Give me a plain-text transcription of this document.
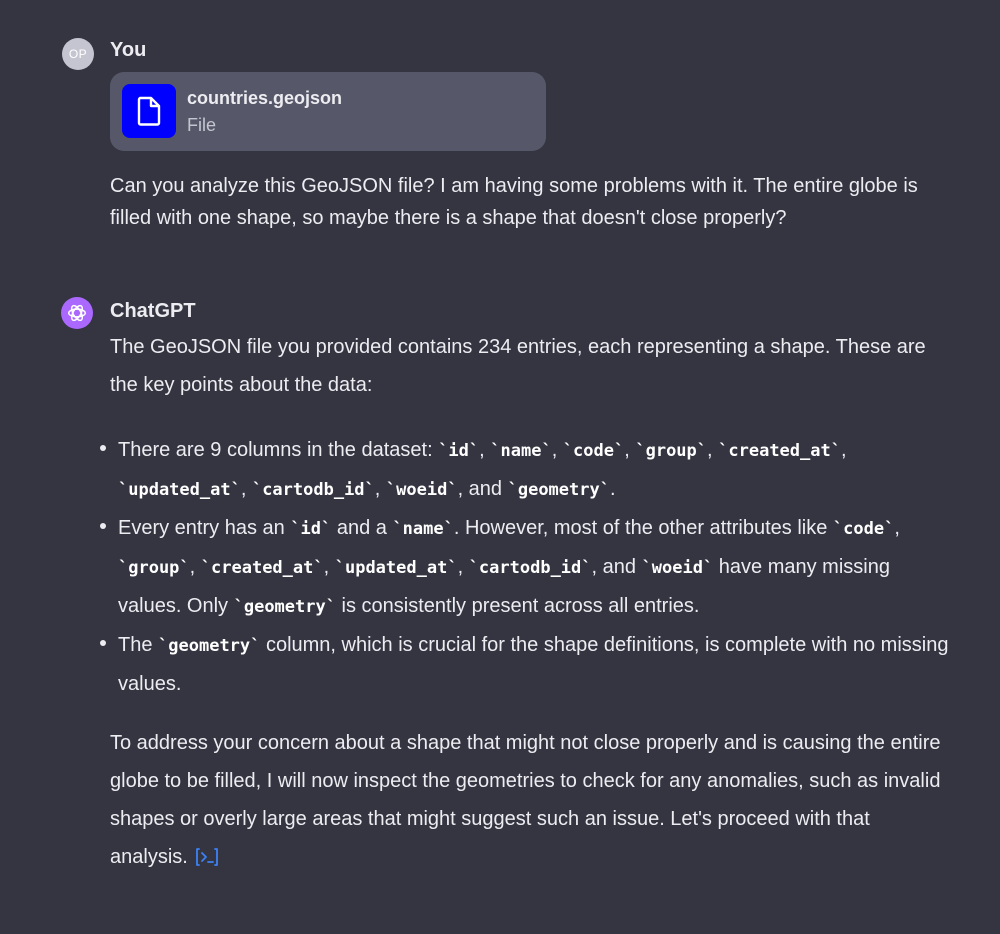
OP	You
countries.geojson
File
Can you analyze this GeoJSON file? I am having some problems with it. The entire globe is filled with one shape, so maybe there is a shape that doesn't close properly?
ChatGPT
The GeoJSON file you provided contains 234 entries, each representing a shape. These are the key points about the data:
There are 9 columns in the dataset: `id`, `name`, `code`, `group`, `created_at`, `updated_at`, `cartodb_id`, `woeid`, and `geometry`.
Every entry has an `id` and a `name`. However, most of the other attributes like `code`, `group`, `created_at`, `updated_at`, `cartodb_id`, and `woeid` have many missing values. Only `geometry` is consistently present across all entries.
The `geometry` column, which is crucial for the shape definitions, is complete with no missing values.
To address your concern about a shape that might not close properly and is causing the entire globe to be filled, I will now inspect the geometries to check for any anomalies, such as invalid shapes or overly large areas that might suggest such an issue. Let's proceed with that analysis.
